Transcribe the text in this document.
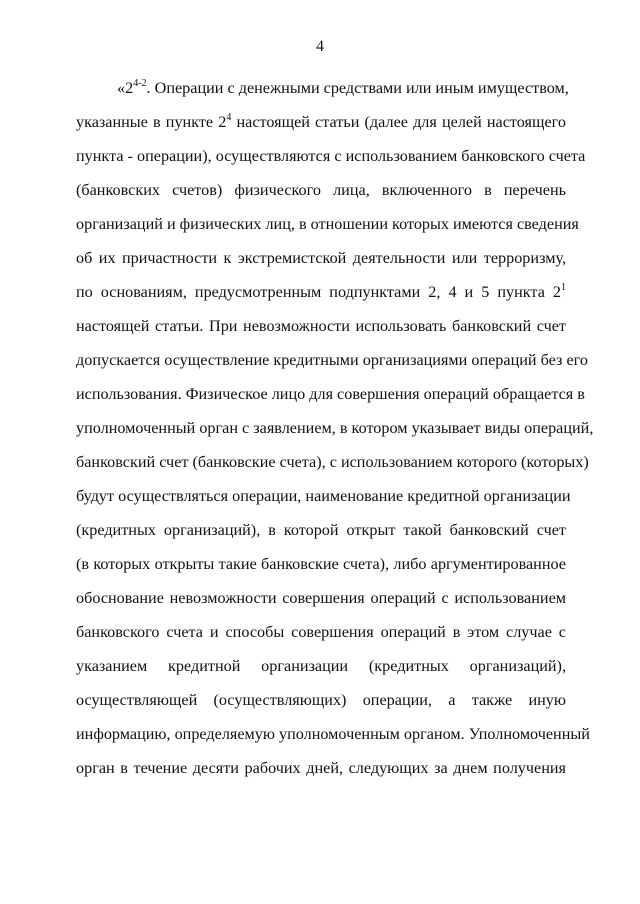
4
«2$^{4-2}$. Операции с денежными средствами или иным имуществом,
указанные в пункте $2^4$ настоящей статьи (далее для целей настоящего
пункта - операции), осуществляются с использованием банковского счета
(банковских счетов) физического лица, включенного в перечень
организаций и физических лиц, в отношении которых имеются сведения
об их причастности к экстремистской деятельности или терроризму,
по основаниям, предусмотренным подпунктами 2, 4 и 5 пункта $2^1$
настоящей статьи. При невозможности использовать банковский счет
допускается осуществление кредитными организациями операций без его
использования. Физическое лицо для совершения операций обращается в
уполномоченный орган с заявлением, в котором указывает виды операций,
банковский счет (банковские счета), с использованием которого (которых)
будут осуществляться операции, наименование кредитной организации
(кредитных организаций), в которой открыт такой банковский счет
(в которых открыты такие банковские счета), либо аргументированное
обоснование невозможности совершения операций с использованием
банковского счета и способы совершения операций в этом случае с
указанием кредитной организации (кредитных организаций),
осуществляющей (осуществляющих) операции, а также иную
информацию, определяемую уполномоченным органом. Уполномоченный
орган в течение десяти рабочих дней, следующих за днем получения
